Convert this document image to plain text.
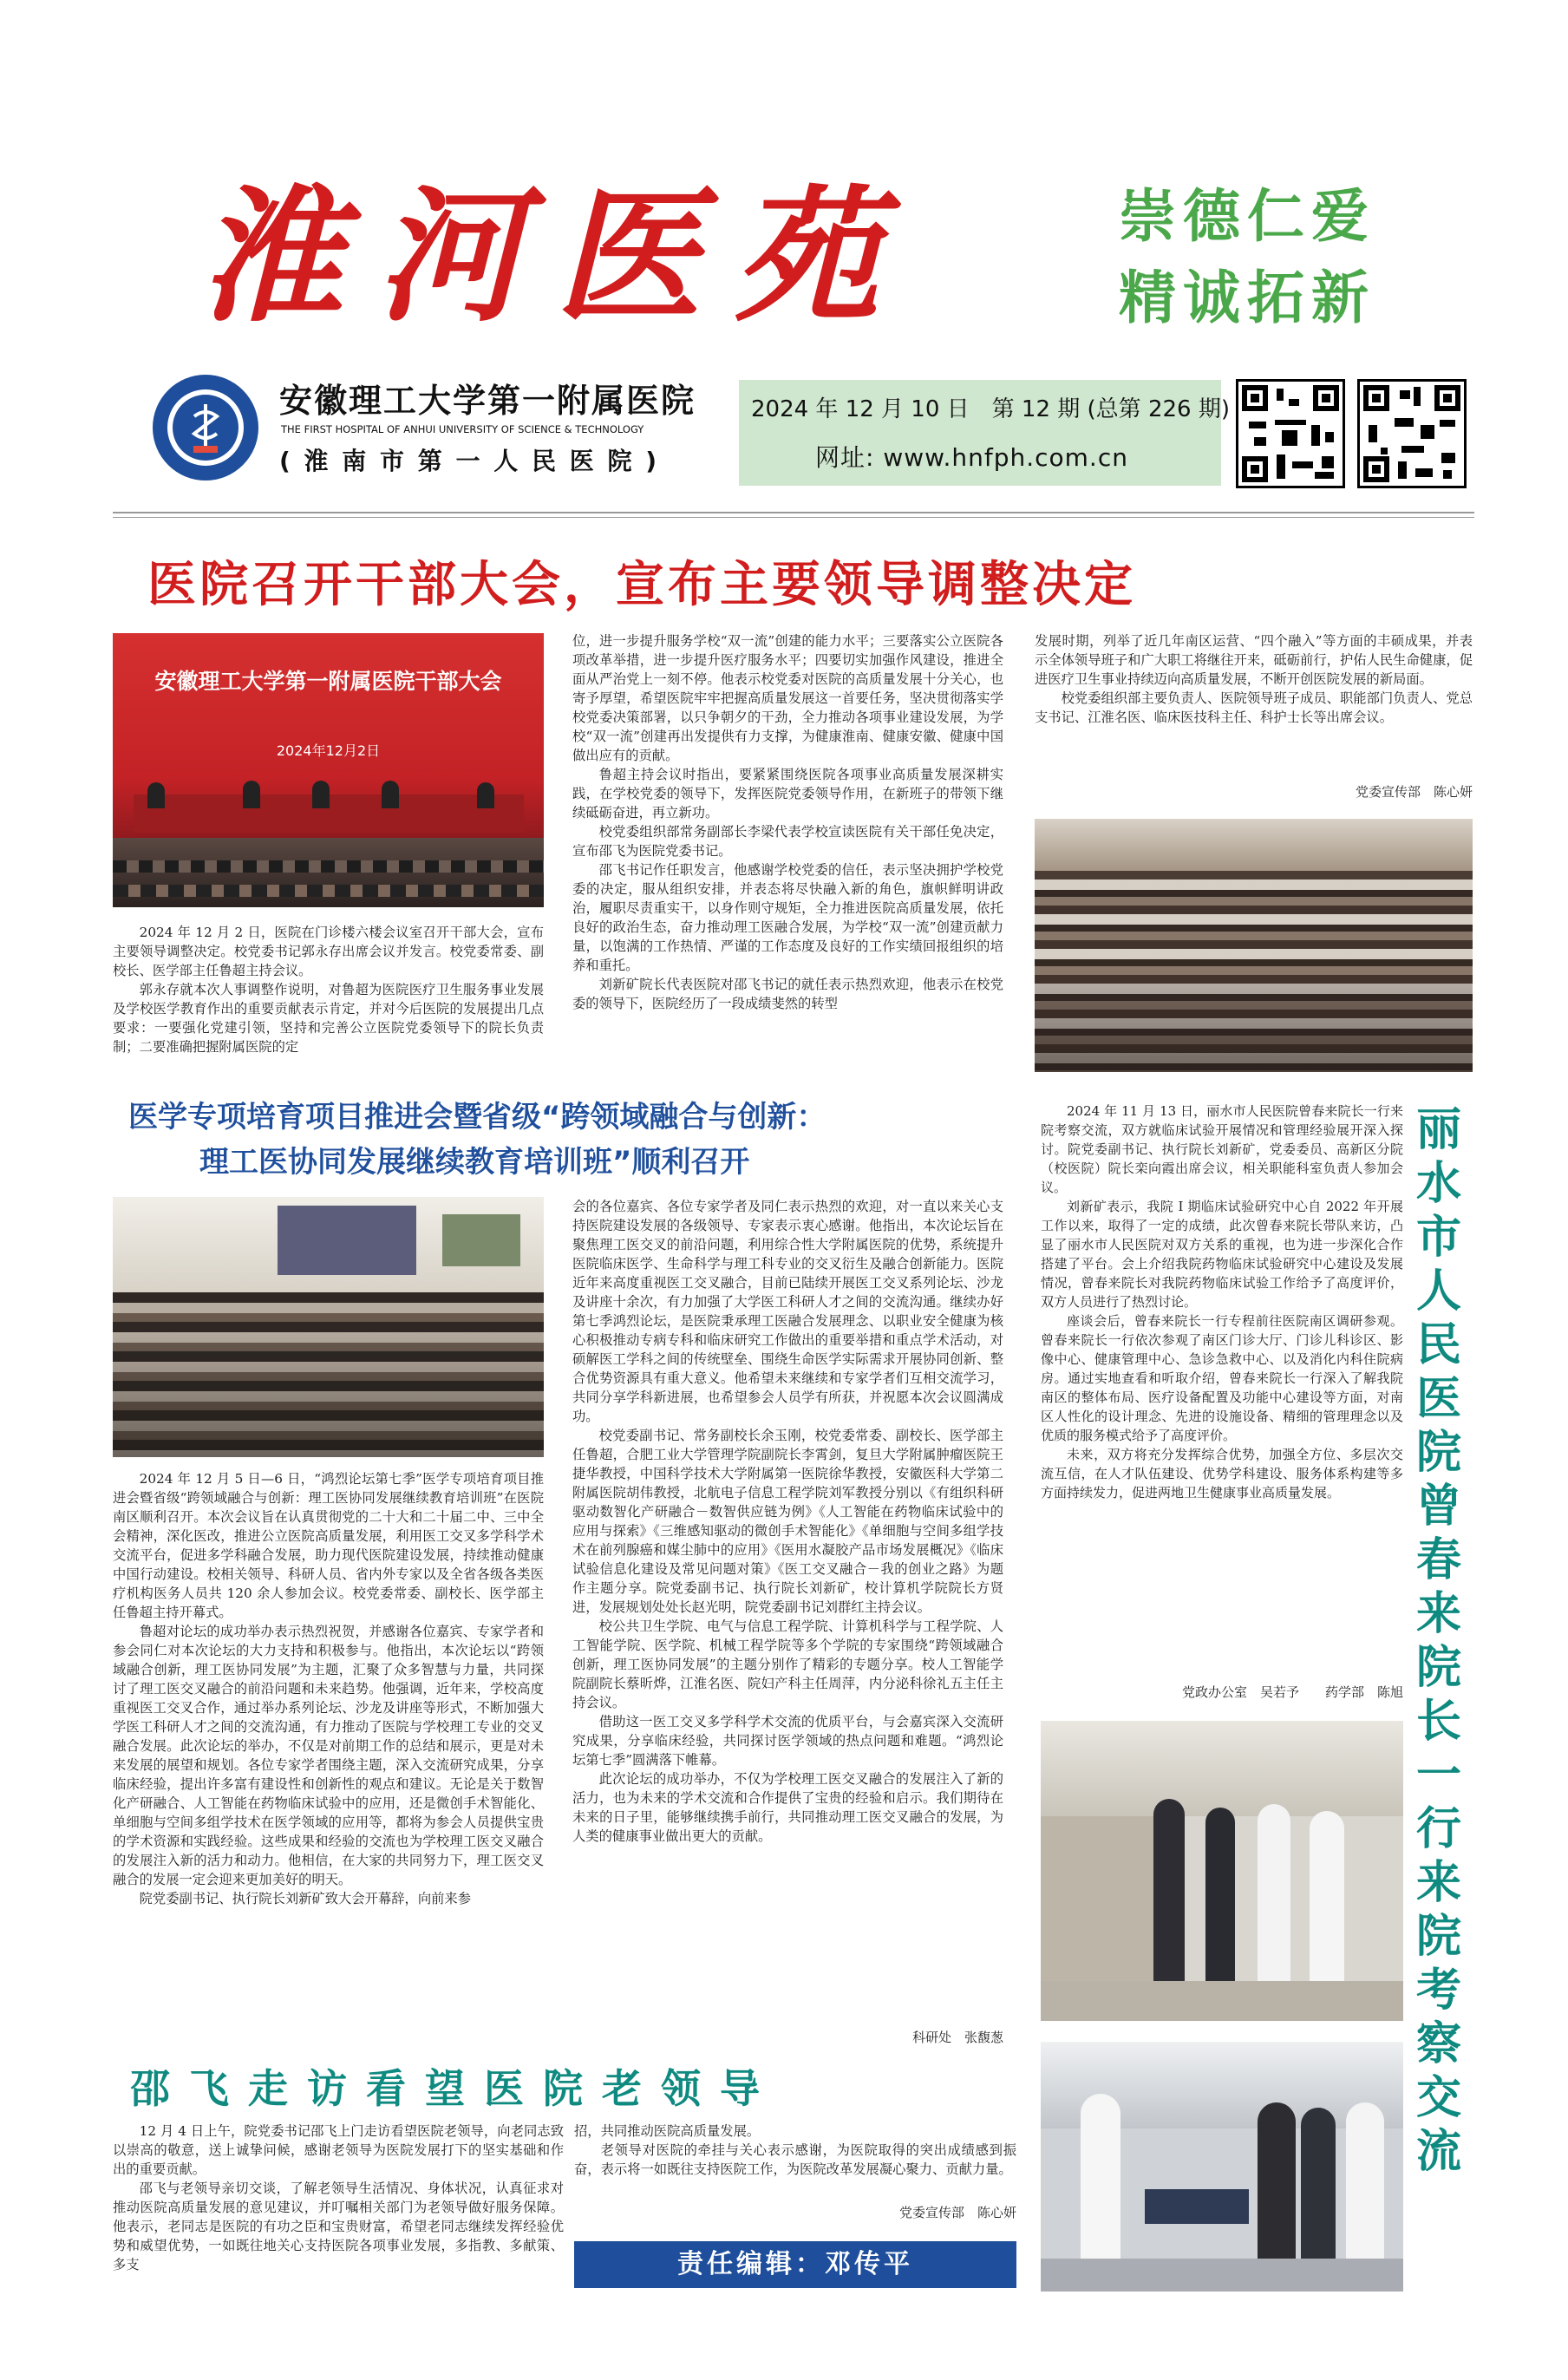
淮河医苑	崇德仁爱
精诚拓新
安徽理工大学第一附属医院
THE FIRST HOSPITAL OF ANHUI UNIVERSITY OF SCIENCE & TECHNOLOGY
( 淮 南 市 第 一 人 民 医 院 )
2024 年 12 月 10 日　第 12 期 (总第 226 期)
网址: www.hnfph.com.cn
医院召开干部大会，宣布主要领导调整决定
安徽理工大学第一附属医院干部大会
2024年12月2日

2024 年 12 月 2 日，医院在门诊楼六楼会议室召开干部大会，宣布主要领导调整决定。校党委书记郭永存出席会议并发言。校党委常委、副校长、医学部主任鲁超主持会议。

郭永存就本次人事调整作说明，对鲁超为医院医疗卫生服务事业发展及学校医学教育作出的重要贡献表示肯定，并对今后医院的发展提出几点要求：一要强化党建引领，坚持和完善公立医院党委领导下的院长负责制；二要准确把握附属医院的定

位，进一步提升服务学校“双一流”创建的能力水平；三要落实公立医院各项改革举措，进一步提升医疗服务水平；四要切实加强作风建设，推进全面从严治党上一刻不停。他表示校党委对医院的高质量发展十分关心，也寄予厚望，希望医院牢牢把握高质量发展这一首要任务，坚决贯彻落实学校党委决策部署，以只争朝夕的干劲，全力推动各项事业建设发展，为学校“双一流”创建再出发提供有力支撑，为健康淮南、健康安徽、健康中国做出应有的贡献。

鲁超主持会议时指出，要紧紧围绕医院各项事业高质量发展深耕实践，在学校党委的领导下，发挥医院党委领导作用，在新班子的带领下继续砥砺奋进，再立新功。

校党委组织部常务副部长李梁代表学校宣读医院有关干部任免决定，宣布邵飞为医院党委书记。

邵飞书记作任职发言，他感谢学校党委的信任，表示坚决拥护学校党委的决定，服从组织安排，并表态将尽快融入新的角色，旗帜鲜明讲政治，履职尽责重实干，以身作则守规矩，全力推进医院高质量发展，依托良好的政治生态，奋力推动理工医融合发展，为学校“双一流”创建贡献力量，以饱满的工作热情、严谨的工作态度及良好的工作实绩回报组织的培养和重托。

刘新矿院长代表医院对邵飞书记的就任表示热烈欢迎，他表示在校党委的领导下，医院经历了一段成绩斐然的转型

发展时期，列举了近几年南区运营、“四个融入”等方面的丰硕成果，并表示全体领导班子和广大职工将继往开来，砥砺前行，护佑人民生命健康，促进医疗卫生事业持续迈向高质量发展，不断开创医院发展的新局面。

校党委组织部主要负责人、医院领导班子成员、职能部门负责人、党总支书记、江淮名医、临床医技科主任、科护士长等出席会议。

党委宣传部　陈心妍
医学专项培育项目推进会暨省级“跨领域融合与创新：
理工医协同发展继续教育培训班”顺利召开

2024 年 12 月 5 日—6 日，“鸿烈论坛第七季”医学专项培育项目推进会暨省级“跨领域融合与创新：理工医协同发展继续教育培训班”在医院南区顺利召开。本次会议旨在认真贯彻党的二十大和二十届二中、三中全会精神，深化医改，推进公立医院高质量发展，利用医工交叉多学科学术交流平台，促进多学科融合发展，助力现代医院建设发展，持续推动健康中国行动建设。校相关领导、科研人员、省内外专家以及全省各级各类医疗机构医务人员共 120 余人参加会议。校党委常委、副校长、医学部主任鲁超主持开幕式。

鲁超对论坛的成功举办表示热烈祝贺，并感谢各位嘉宾、专家学者和参会同仁对本次论坛的大力支持和积极参与。他指出，本次论坛以“跨领域融合创新，理工医协同发展”为主题，汇聚了众多智慧与力量，共同探讨了理工医交叉融合的前沿问题和未来趋势。他强调，近年来，学校高度重视医工交叉合作，通过举办系列论坛、沙龙及讲座等形式，不断加强大学医工科研人才之间的交流沟通，有力推动了医院与学校理工专业的交叉融合发展。此次论坛的举办，不仅是对前期工作的总结和展示，更是对未来发展的展望和规划。各位专家学者围绕主题，深入交流研究成果，分享临床经验，提出许多富有建设性和创新性的观点和建议。无论是关于数智化产研融合、人工智能在药物临床试验中的应用，还是微创手术智能化、单细胞与空间多组学技术在医学领域的应用等，都将为参会人员提供宝贵的学术资源和实践经验。这些成果和经验的交流也为学校理工医交叉融合的发展注入新的活力和动力。他相信，在大家的共同努力下，理工医交叉融合的发展一定会迎来更加美好的明天。

院党委副书记、执行院长刘新矿致大会开幕辞，向前来参

会的各位嘉宾、各位专家学者及同仁表示热烈的欢迎，对一直以来关心支持医院建设发展的各级领导、专家表示衷心感谢。他指出，本次论坛旨在聚焦理工医交叉的前沿问题，利用综合性大学附属医院的优势，系统提升医院临床医学、生命科学与理工科专业的交叉衍生及融合创新能力。医院近年来高度重视医工交叉融合，目前已陆续开展医工交叉系列论坛、沙龙及讲座十余次，有力加强了大学医工科研人才之间的交流沟通。继续办好第七季鸿烈论坛，是医院秉承理工医融合发展理念、以职业安全健康为核心积极推动专病专科和临床研究工作做出的重要举措和重点学术活动，对硕解医工学科之间的传统壁垒、围绕生命医学实际需求开展协同创新、整合优势资源具有重大意义。他希望未来继续和专家学者们互相交流学习，共同分享学科新进展，也希望参会人员学有所获，并祝愿本次会议圆满成功。

校党委副书记、常务副校长余玉刚，校党委常委、副校长、医学部主任鲁超，合肥工业大学管理学院副院长李霄剑，复旦大学附属肿瘤医院王捷华教授，中国科学技术大学附属第一医院徐华教授，安徽医科大学第二附属医院胡伟教授，北航电子信息工程学院刘军教授分别以《有组织科研驱动数智化产研融合－数智供应链为例》《人工智能在药物临床试验中的应用与探索》《三维感知驱动的微创手术智能化》《单细胞与空间多组学技术在前列腺癌和媒尘肺中的应用》《医用水凝胶产品市场发展概况》《临床试验信息化建设及常见问题对策》《医工交叉融合－我的创业之路》为题作主题分享。院党委副书记、执行院长刘新矿，校计算机学院院长方贤进，发展规划处处长赵光明，院党委副书记刘群红主持会议。

校公共卫生学院、电气与信息工程学院、计算机科学与工程学院、人工智能学院、医学院、机械工程学院等多个学院的专家围绕“跨领域融合创新，理工医协同发展”的主题分别作了精彩的专题分享。校人工智能学院副院长蔡昕烨，江淮名医、院妇产科主任周萍，内分泌科徐礼五主任主持会议。

借助这一医工交叉多学科学术交流的优质平台，与会嘉宾深入交流研究成果，分享临床经验，共同探讨医学领域的热点问题和难题。“鸿烈论坛第七季”圆满落下帷幕。

此次论坛的成功举办，不仅为学校理工医交叉融合的发展注入了新的活力，也为未来的学术交流和合作提供了宝贵的经验和启示。我们期待在未来的日子里，能够继续携手前行，共同推动理工医交叉融合的发展，为人类的健康事业做出更大的贡献。

科研处　张馥葱
邵飞走访看望医院老领导

12 月 4 日上午，院党委书记邵飞上门走访看望医院老领导，向老同志致以崇高的敬意，送上诚挚问候，感谢老领导为医院发展打下的坚实基础和作出的重要贡献。

邵飞与老领导亲切交谈，了解老领导生活情况、身体状况，认真征求对推动医院高质量发展的意见建议，并叮嘱相关部门为老领导做好服务保障。他表示，老同志是医院的有功之臣和宝贵财富，希望老同志继续发挥经验优势和威望优势，一如既往地关心支持医院各项事业发展，多指教、多献策、多支

招，共同推动医院高质量发展。

老领导对医院的牵挂与关心表示感谢，为医院取得的突出成绩感到振奋，表示将一如既往支持医院工作，为医院改革发展凝心聚力、贡献力量。

党委宣传部　陈心妍
责任编辑：邓传平

2024 年 11 月 13 日，丽水市人民医院曾春来院长一行来院考察交流，双方就临床试验开展情况和管理经验展开深入探讨。院党委副书记、执行院长刘新矿，党委委员、高新区分院（校医院）院长栾向霞出席会议，相关职能科室负责人参加会议。

刘新矿表示，我院 I 期临床试验研究中心自 2022 年开展工作以来，取得了一定的成绩，此次曾春来院长带队来访，凸显了丽水市人民医院对双方关系的重视，也为进一步深化合作搭建了平台。会上介绍我院药物临床试验研究中心建设及发展情况，曾春来院长对我院药物临床试验工作给予了高度评价，双方人员进行了热烈讨论。

座谈会后，曾春来院长一行专程前往医院南区调研参观。曾春来院长一行依次参观了南区门诊大厅、门诊儿科诊区、影像中心、健康管理中心、急诊急救中心、以及消化内科住院病房。通过实地查看和听取介绍，曾春来院长一行深入了解我院南区的整体布局、医疗设备配置及功能中心建设等方面，对南区人性化的设计理念、先进的设施设备、精细的管理理念以及优质的服务模式给予了高度评价。

未来，双方将充分发挥综合优势，加强全方位、多层次交流互信，在人才队伍建设、优势学科建设、服务体系构建等多方面持续发力，促进两地卫生健康事业高质量发展。

党政办公室　吴若予　　药学部　陈旭
丽水市人民医院曾春来院长一行来院考察交流
